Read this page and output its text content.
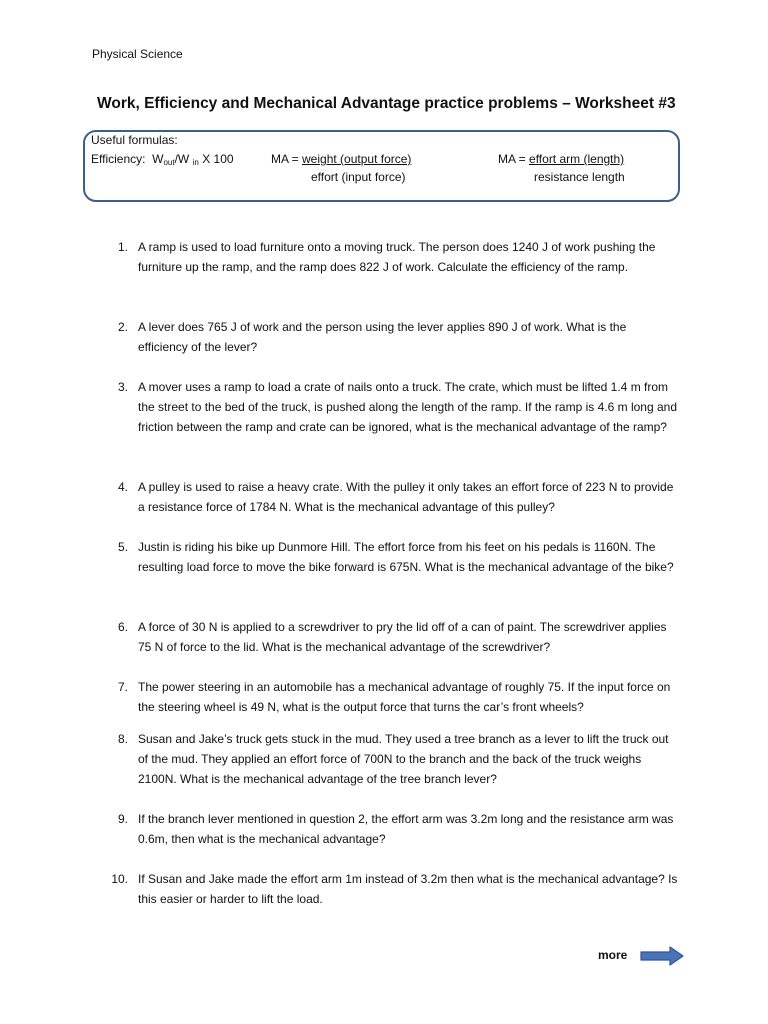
Physical Science
Work, Efficiency and Mechanical Advantage practice problems – Worksheet #3
Useful formulas:
Efficiency: $W_{out}/W$ $_{in}$ X 100	MA = weight (output force)
effort (input force)
MA = effort arm (length)
resistance length
1. A ramp is used to load furniture onto a moving truck. The person does 1240 J of work pushing the furniture up the ramp, and the ramp does 822 J of work. Calculate the efficiency of the ramp.
2. A lever does 765 J of work and the person using the lever applies 890 J of work. What is the efficiency of the lever?
3. A mover uses a ramp to load a crate of nails onto a truck. The crate, which must be lifted 1.4 m from the street to the bed of the truck, is pushed along the length of the ramp. If the ramp is 4.6 m long and friction between the ramp and crate can be ignored, what is the mechanical advantage of the ramp?
4. A pulley is used to raise a heavy crate. With the pulley it only takes an effort force of 223 N to provide a resistance force of 1784 N. What is the mechanical advantage of this pulley?
5. Justin is riding his bike up Dunmore Hill. The effort force from his feet on his pedals is 1160N. The resulting load force to move the bike forward is 675N. What is the mechanical advantage of the bike?
6. A force of 30 N is applied to a screwdriver to pry the lid off of a can of paint. The screwdriver applies 75 N of force to the lid. What is the mechanical advantage of the screwdriver?
7. The power steering in an automobile has a mechanical advantage of roughly 75. If the input force on the steering wheel is 49 N, what is the output force that turns the car’s front wheels?
8. Susan and Jake’s truck gets stuck in the mud. They used a tree branch as a lever to lift the truck out of the mud. They applied an effort force of 700N to the branch and the back of the truck weighs 2100N. What is the mechanical advantage of the tree branch lever?
9. If the branch lever mentioned in question 2, the effort arm was 3.2m long and the resistance arm was 0.6m, then what is the mechanical advantage?
10. If Susan and Jake made the effort arm 1m instead of 3.2m then what is the mechanical advantage? Is this easier or harder to lift the load.
more
